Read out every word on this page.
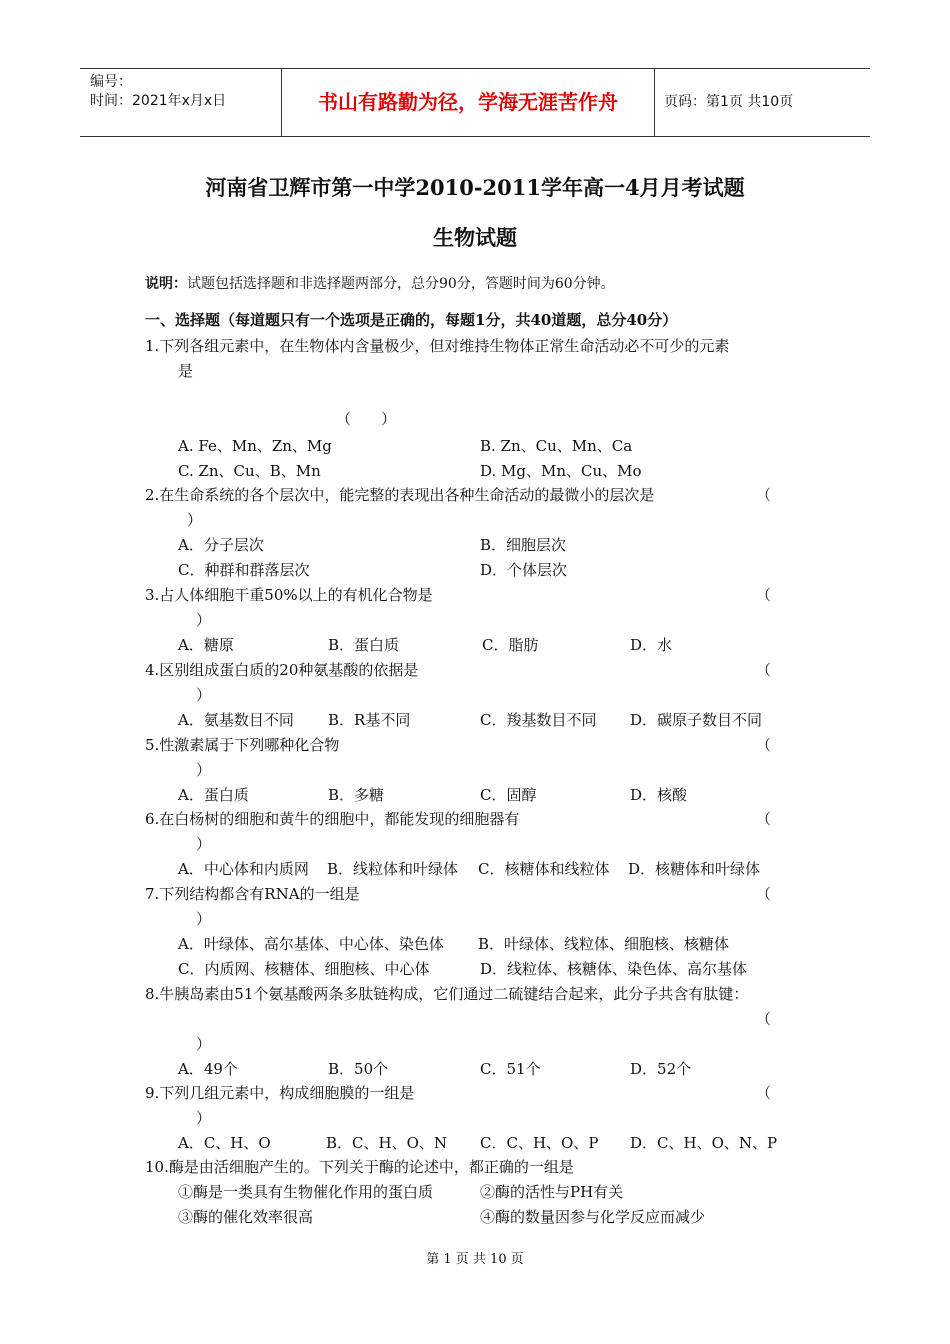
编号：
时间：2021年x月x日	书山有路勤为径，学海无涯苦作舟	页码：第1页 共10页
河南省卫辉市第一中学2010-2011学年高一4月月考试题
生物试题
说明：试题包括选择题和非选择题两部分，总分90分，答题时间为60分钟。
一、选择题（每道题只有一个选项是正确的，每题1分，共40道题，总分40分）
1.下列各组元素中，在生物体内含量极少，但对维持生物体正常生命活动必不可少的元素
是
（　　）
A. Fe、Mn、Zn、Mg	B. Zn、Cu、Mn、Ca
C. Zn、Cu、B、Mn	D. Mg、Mn、Cu、Mo
2.在生命系统的各个层次中，能完整的表现出各种生命活动的最微小的层次是	（
）
A．分子层次	B．细胞层次
C．种群和群落层次	D．个体层次
3.占人体细胞干重50%以上的有机化合物是	（
）
A．糖原	B．蛋白质	C．脂肪	D．水
4.区别组成蛋白质的20种氨基酸的依据是	（
）
A．氨基数目不同 B．R基不同	C．羧基数目不同 D．碳原子数目不同
5.性激素属于下列哪种化合物	（
）
A．蛋白质	B．多糖	C．固醇	D．核酸
6.在白杨树的细胞和黄牛的细胞中，都能发现的细胞器有	（
）
A．中心体和内质网 B．线粒体和叶绿体 C．核糖体和线粒体 D．核糖体和叶绿体
7.下列结构都含有RNA的一组是	（
）
A．叶绿体、高尔基体、中心体、染色体 B．叶绿体、线粒体、细胞核、核糖体
C．内质网、核糖体、细胞核、中心体	D．线粒体、核糖体、染色体、高尔基体
8.牛胰岛素由51个氨基酸两条多肽链构成，它们通过二硫键结合起来，此分子共含有肽键：
（
）
A．49个	B．50个	C．51个	D．52个
9.下列几组元素中，构成细胞膜的一组是	（
）
A．C、H、O	B．C、H、O、N C．C、H、O、P D．C、H、O、N、P
10.酶是由活细胞产生的。下列关于酶的论述中，都正确的一组是
①酶是一类具有生物催化作用的蛋白质	②酶的活性与PH有关
③酶的催化效率很高	④酶的数量因参与化学反应而减少
第 1 页 共 10 页
